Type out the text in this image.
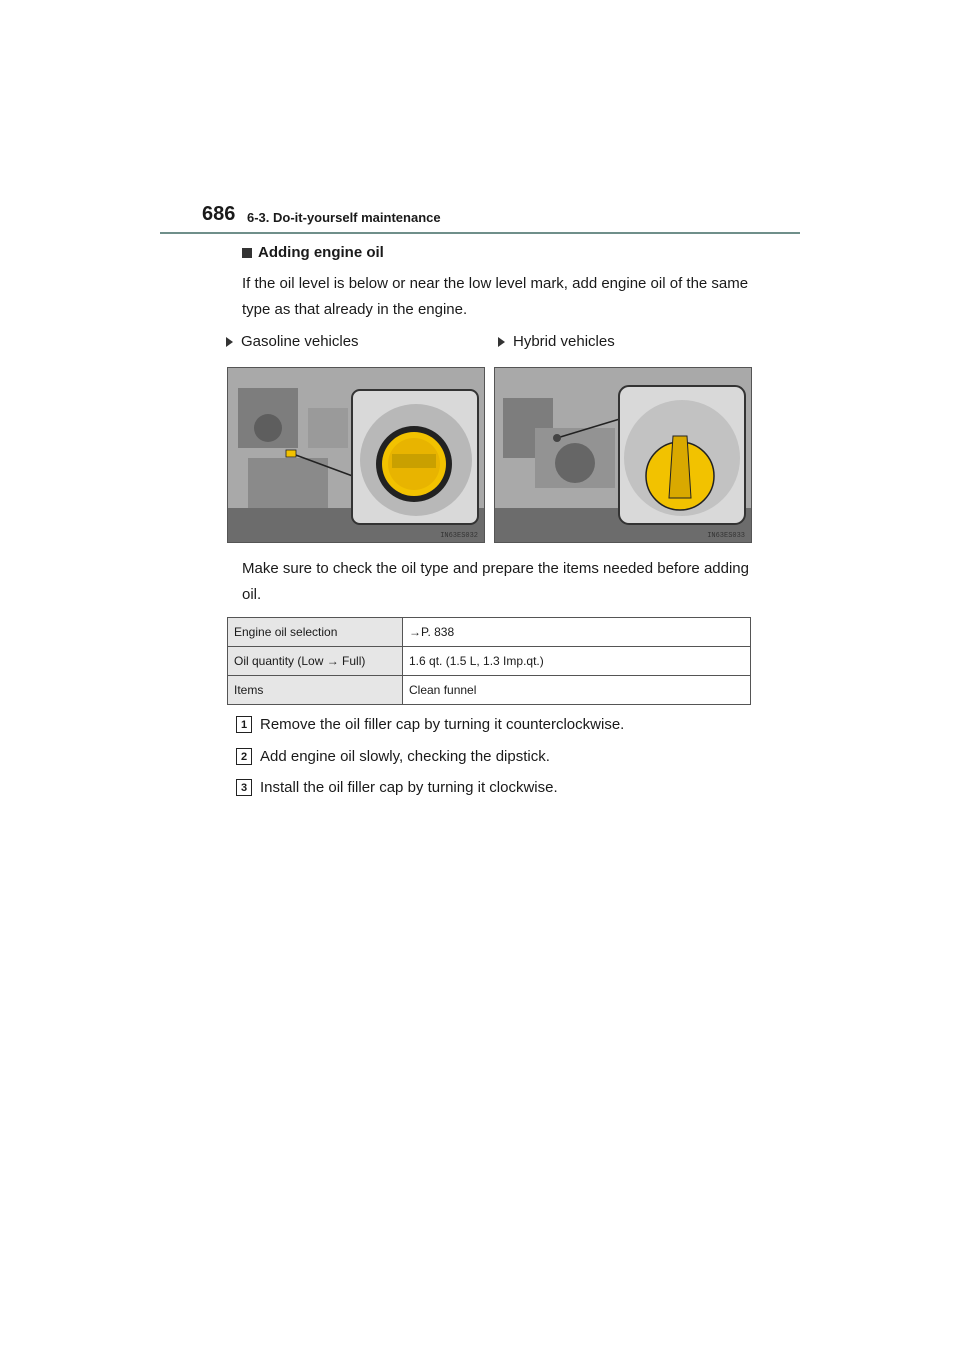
686 6-3. Do-it-yourself maintenance
Adding engine oil
If the oil level is below or near the low level mark, add engine oil of the same type as that already in the engine.
Gasoline vehicles	Hybrid vehicles
IN63ES032	IN63ES033
Make sure to check the oil type and prepare the items needed before adding oil.
Engine oil selection	→P. 838
Oil quantity (Low → Full)	1.6 qt. (1.5 L, 1.3 Imp.qt.)
Items	Clean funnel
1 Remove the oil filler cap by turning it counterclockwise.
2 Add engine oil slowly, checking the dipstick.
3 Install the oil filler cap by turning it clockwise.
